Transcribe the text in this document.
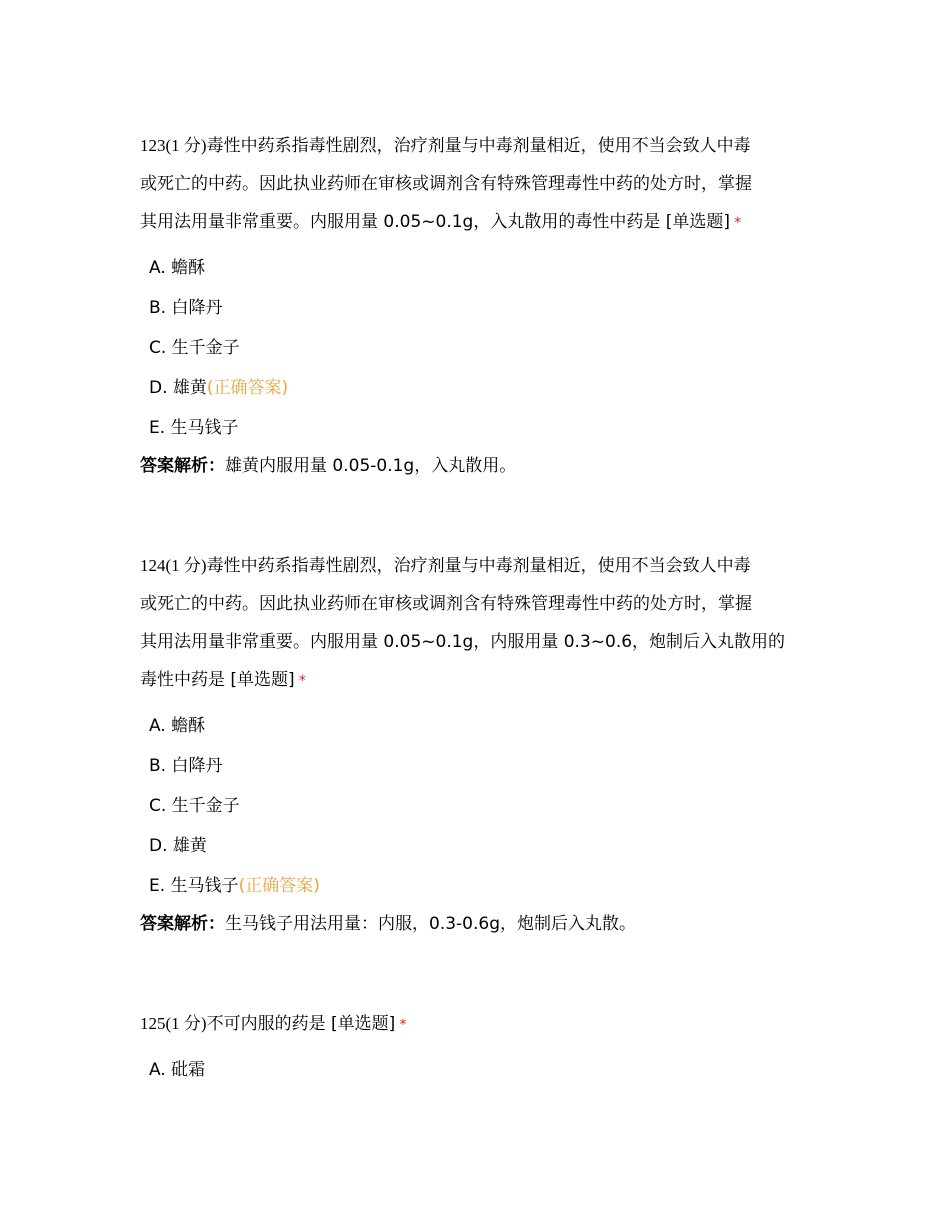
123(1 分)毒性中药系指毒性剧烈，治疗剂量与中毒剂量相近，使用不当会致人中毒
或死亡的中药。因此执业药师在审核或调剂含有特殊管理毒性中药的处方时，掌握
其用法用量非常重要。内服用量 0.05~0.1g，入丸散用的毒性中药是 [单选题] *
A. 蟾酥
B. 白降丹
C. 生千金子
D. 雄黄(正确答案)
E. 生马钱子
答案解析：雄黄内服用量 0.05-0.1g，入丸散用。
124(1 分)毒性中药系指毒性剧烈，治疗剂量与中毒剂量相近，使用不当会致人中毒
或死亡的中药。因此执业药师在审核或调剂含有特殊管理毒性中药的处方时，掌握
其用法用量非常重要。内服用量 0.05~0.1g，内服用量 0.3~0.6，炮制后入丸散用的
毒性中药是 [单选题] *
A. 蟾酥
B. 白降丹
C. 生千金子
D. 雄黄
E. 生马钱子(正确答案)
答案解析：生马钱子用法用量：内服，0.3-0.6g，炮制后入丸散。
125(1 分)不可内服的药是 [单选题] *
A. 砒霜
